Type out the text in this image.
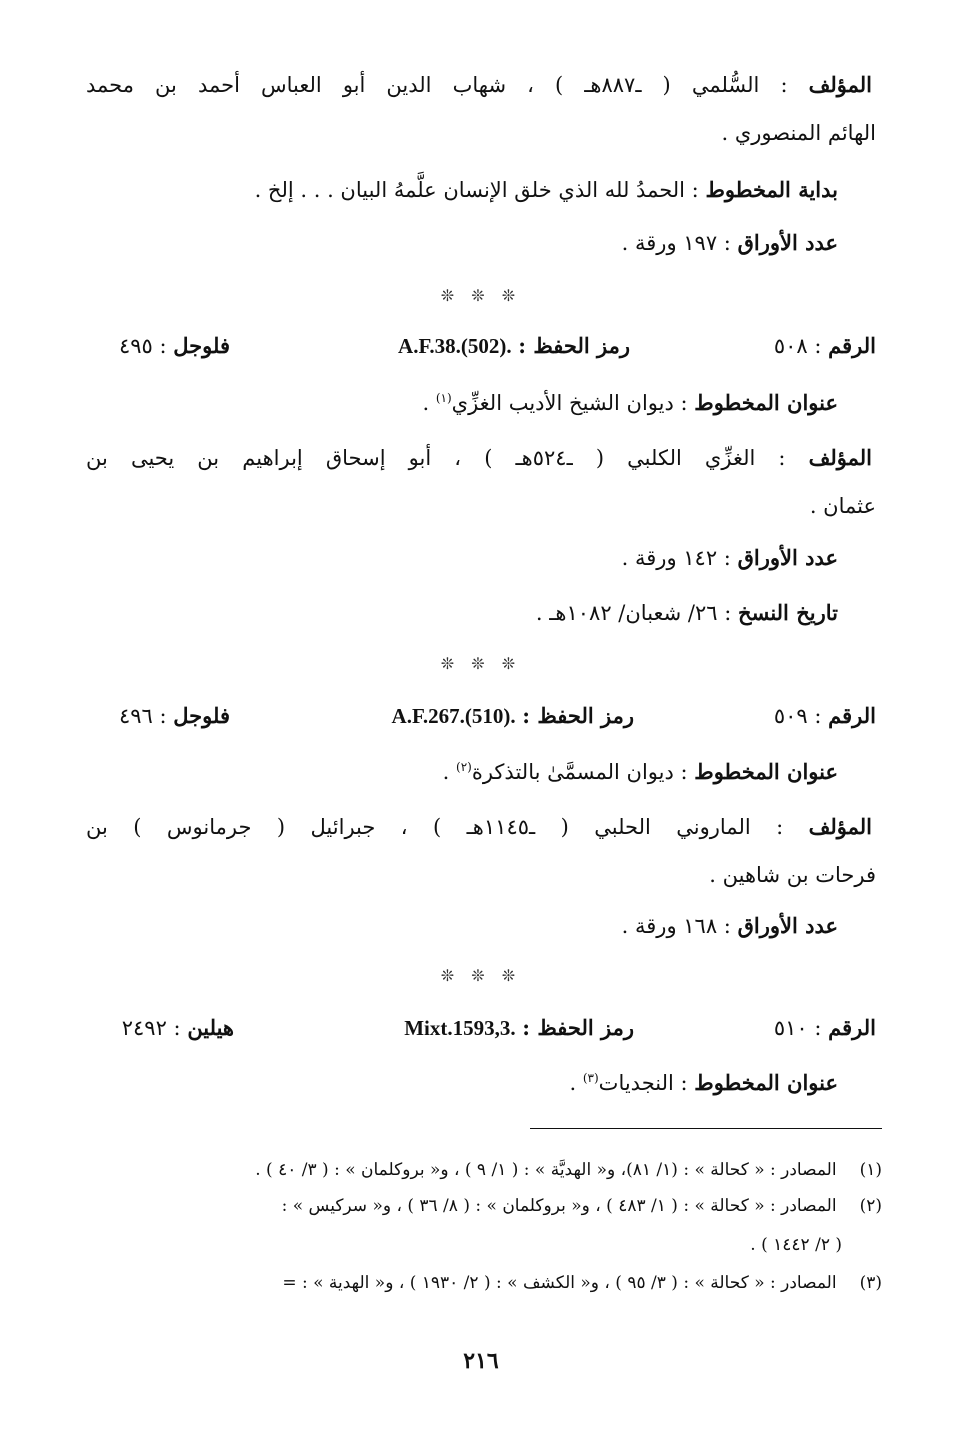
المؤلف : السُّلمي ( ـ٨٨٧هـ ) ، شهاب الدين أبو العباس أحمد بن محمد
الهائم المنصوري .
بداية المخطوط : الحمدُ لله الذي خلق الإنسان علَّمهُ البيان . . . إلخ .
عدد الأوراق : ١٩٧ ورقة .
❊ ❊ ❊
الرقم : ٥٠٨
رمز الحفظ : A.F.38.(502).
فلوجل : ٤٩٥
عنوان المخطوط : ديوان الشيخ الأديب الغزِّي$^{(١)}$ .
المؤلف : الغزِّي الكلبي ( ـ٥٢٤هـ ) ، أبو إسحاق إبراهيم بن يحيى بن
عثمان .
عدد الأوراق : ١٤٢ ورقة .
تاريخ النسخ : ٢٦/ شعبان/ ١٠٨٢هـ .
❊ ❊ ❊
الرقم : ٥٠٩
رمز الحفظ : A.F.267.(510).
فلوجل : ٤٩٦
عنوان المخطوط : ديوان المسمَّىٰ بالتذكرة$^{(٢)}$ .
المؤلف : الماروني الحلبي ( ـ١١٤٥هـ ) ، جبرائيل ( جرمانوس ) بن
فرحات بن شاهين .
عدد الأوراق : ١٦٨ ورقة .
❊ ❊ ❊
الرقم : ٥١٠
رمز الحفظ : Mixt.1593,3.
هيلين : ٢٤٩٢
عنوان المخطوط : النجديات$^{(٣)}$ .
(١) المصادر : « كحالة » : (١/ ٨١)، و« الهديَّة » : ( ١/ ٩ ) ، و« بروكلمان » : ( ٣/ ٤٠ ) .
(٢) المصادر : « كحالة » : ( ١/ ٤٨٣ ) ، و« بروكلمان » : ( ٨/ ٣٦ ) ، و« سركيس » :
( ٢/ ١٤٤٢ ) .
(٣) المصادر : « كحالة » : ( ٣/ ٩٥ ) ، و« الكشف » : ( ٢/ ١٩٣٠ ) ، و« الهدية » : =
٢١٦
